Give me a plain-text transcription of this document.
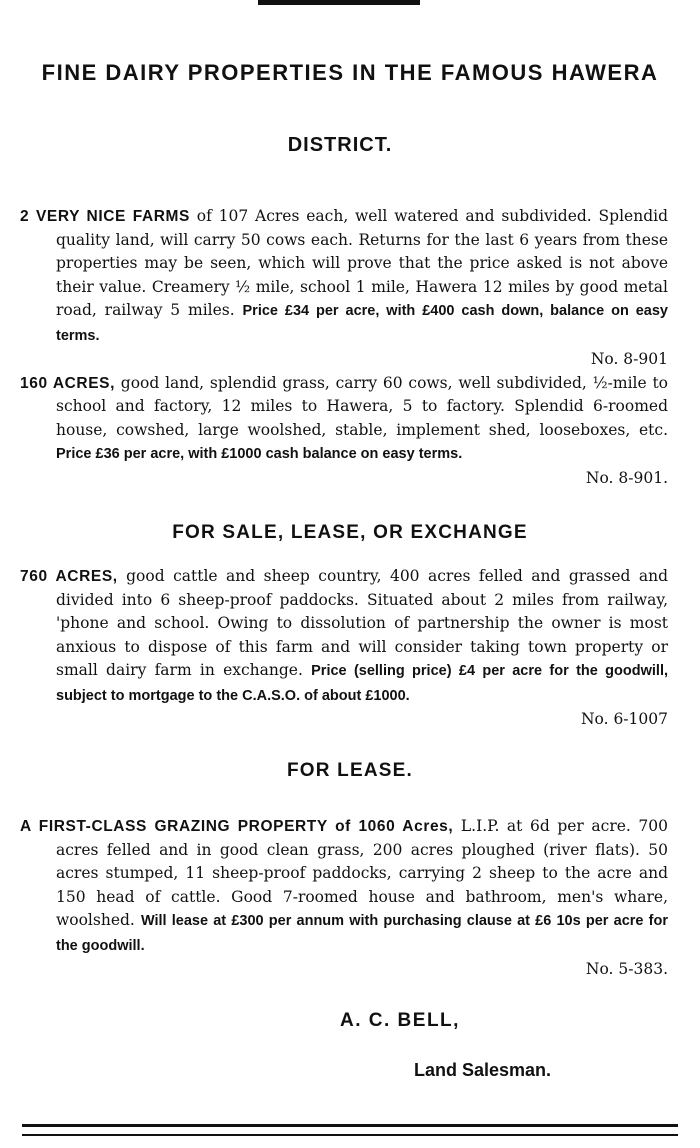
FINE DAIRY PROPERTIES IN THE FAMOUS HAWERA
DISTRICT.

2 VERY NICE FARMS of 107 Acres each, well watered and subdivided. Splendid quality land, will carry 50 cows each. Returns for the last 6 years from these properties may be seen, which will prove that the price asked is not above their value. Creamery ½ mile, school 1 mile, Hawera 12 miles by good metal road, railway 5 miles. Price £34 per acre, with £400 cash down, balance on easy terms.
No. 8-901

160 ACRES, good land, splendid grass, carry 60 cows, well subdivided, ½-mile to school and factory, 12 miles to Hawera, 5 to factory. Splendid 6-roomed house, cowshed, large woolshed, stable, implement shed, looseboxes, etc. Price £36 per acre, with £1000 cash balance on easy terms.
No. 8-901.

FOR SALE, LEASE, OR EXCHANGE

760 ACRES, good cattle and sheep country, 400 acres felled and grassed and divided into 6 sheep-proof paddocks. Situated about 2 miles from railway, 'phone and school. Owing to dissolution of partnership the owner is most anxious to dispose of this farm and will consider taking town property or small dairy farm in exchange. Price (selling price) £4 per acre for the goodwill, subject to mortgage to the C.A.S.O. of about £1000.
No. 6-1007

FOR LEASE.

A FIRST-CLASS GRAZING PROPERTY of 1060 Acres, L.I.P. at 6d per acre. 700 acres felled and in good clean grass, 200 acres ploughed (river flats). 50 acres stumped, 11 sheep-proof paddocks, carrying 2 sheep to the acre and 150 head of cattle. Good 7-roomed house and bathroom, men's whare, woolshed. Will lease at £300 per annum with purchasing clause at £6 10s per acre for the goodwill.
No. 5-383.

A. C. BELL,
Land Salesman.
